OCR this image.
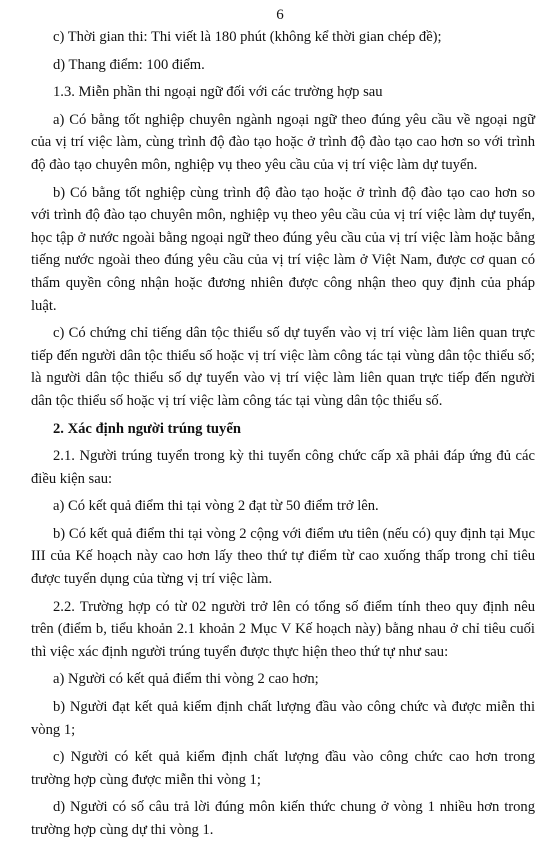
6

c) Thời gian thi: Thi viết là 180 phút (không kể thời gian chép đề);

d) Thang điểm: 100 điểm.

1.3. Miễn phần thi ngoại ngữ đối với các trường hợp sau

a) Có bằng tốt nghiệp chuyên ngành ngoại ngữ theo đúng yêu cầu về ngoại ngữ của vị trí việc làm, cùng trình độ đào tạo hoặc ở trình độ đào tạo cao hơn so với trình độ đào tạo chuyên môn, nghiệp vụ theo yêu cầu của vị trí việc làm dự tuyển.

b) Có bằng tốt nghiệp cùng trình độ đào tạo hoặc ở trình độ đào tạo cao hơn so với trình độ đào tạo chuyên môn, nghiệp vụ theo yêu cầu của vị trí việc làm dự tuyển, học tập ở nước ngoài bằng ngoại ngữ theo đúng yêu cầu của vị trí việc làm hoặc bằng tiếng nước ngoài theo đúng yêu cầu của vị trí việc làm ở Việt Nam, được cơ quan có thẩm quyền công nhận hoặc đương nhiên được công nhận theo quy định của pháp luật.

c) Có chứng chỉ tiếng dân tộc thiểu số dự tuyển vào vị trí việc làm liên quan trực tiếp đến người dân tộc thiểu số hoặc vị trí việc làm công tác tại vùng dân tộc thiểu số; là người dân tộc thiểu số dự tuyển vào vị trí việc làm liên quan trực tiếp đến người dân tộc thiểu số hoặc vị trí việc làm công tác tại vùng dân tộc thiểu số.

2. Xác định người trúng tuyển

2.1. Người trúng tuyển trong kỳ thi tuyển công chức cấp xã phải đáp ứng đủ các điều kiện sau:

a) Có kết quả điểm thi tại vòng 2 đạt từ 50 điểm trở lên.

b) Có kết quả điểm thi tại vòng 2 cộng với điểm ưu tiên (nếu có) quy định tại Mục III của Kế hoạch này cao hơn lấy theo thứ tự điểm từ cao xuống thấp trong chỉ tiêu được tuyển dụng của từng vị trí việc làm.

2.2. Trường hợp có từ 02 người trở lên có tổng số điểm tính theo quy định nêu trên (điểm b, tiểu khoản 2.1 khoản 2 Mục V Kế hoạch này) bằng nhau ở chỉ tiêu cuối thì việc xác định người trúng tuyển được thực hiện theo thứ tự như sau:

a) Người có kết quả điểm thi vòng 2 cao hơn;

b) Người đạt kết quả kiểm định chất lượng đầu vào công chức và được miễn thi vòng 1;

c) Người có kết quả kiểm định chất lượng đầu vào công chức cao hơn trong trường hợp cùng được miễn thi vòng 1;

d) Người có số câu trả lời đúng môn kiến thức chung ở vòng 1 nhiều hơn trong trường hợp cùng dự thi vòng 1.
